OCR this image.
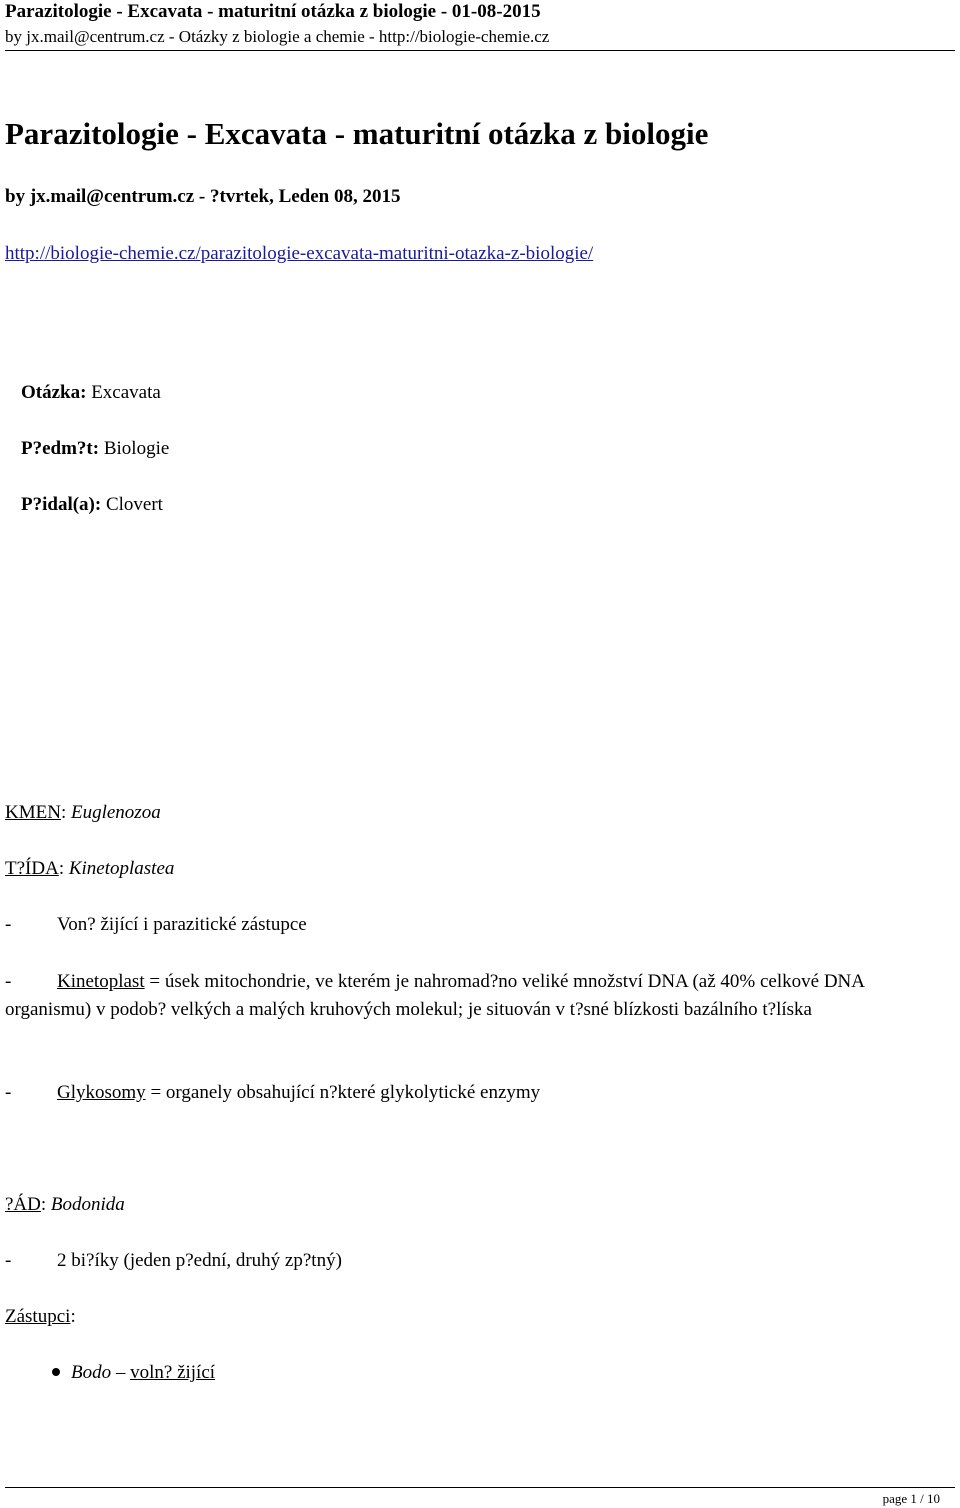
Parazitologie - Excavata - maturitní otázka z biologie - 01-08-2015
by jx.mail@centrum.cz - Otázky z biologie a chemie - http://biologie-chemie.cz
Parazitologie - Excavata - maturitní otázka z biologie
by jx.mail@centrum.cz - ?tvrtek, Leden 08, 2015
http://biologie-chemie.cz/parazitologie-excavata-maturitni-otazka-z-biologie/
Otázka: Excavata
P?edm?t: Biologie
P?idal(a): Clovert
KMEN: Euglenozoa
T?ÍDA: Kinetoplastea
- Von? žijící i parazitické zástupce
- Kinetoplast = úsek mitochondrie, ve kterém je nahromad?no veliké množství DNA (až 40% celkové DNA organismu) v podob? velkých a malých kruhových molekul; je situován v t?sné blízkosti bazálního t?líska
- Glykosomy = organely obsahující n?které glykolytické enzymy
?ÁD: Bodonida
- 2 bi?íky (jeden p?ední, druhý zp?tný)
Zástupci:
Bodo – voln? žijící
page 1 / 10
